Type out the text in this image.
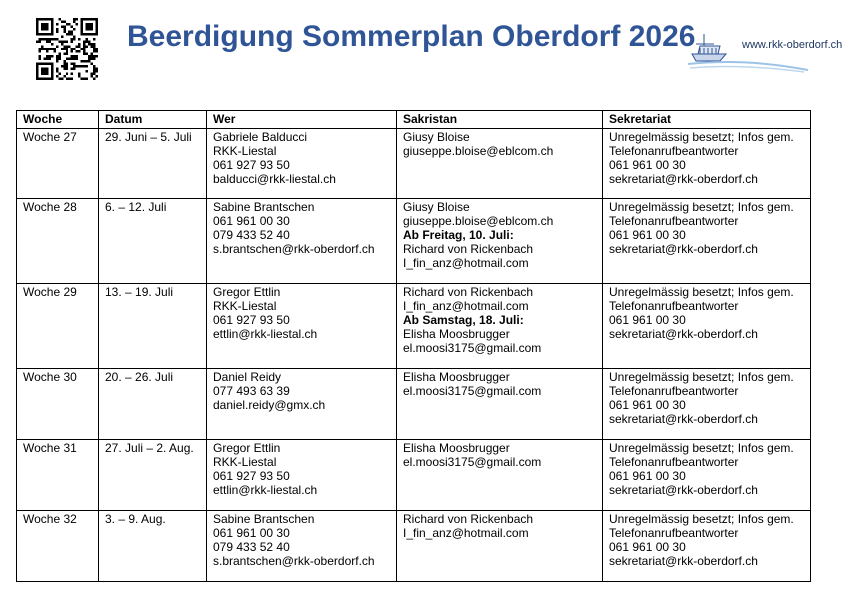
Beerdigung Sommerplan Oberdorf 2026	www.rkk-oberdorf.ch
Woche	Datum	Wer	Sakristan	Sekretariat

Woche 27	29. Juni – 5. Juli	Gabriele Balducci
RKK-Liestal
061 927 93 50
balducci@rkk-liestal.ch	Giusy Bloise
giuseppe.bloise@eblcom.ch	Unregelmässig besetzt; Infos gem.
Telefonanrufbeantworter
061 961 00 30
sekretariat@rkk-oberdorf.ch

Woche 28	6. – 12. Juli	Sabine Brantschen
061 961 00 30
079 433 52 40
s.brantschen@rkk-oberdorf.ch	Giusy Bloise
giuseppe.bloise@eblcom.ch
Ab Freitag, 10. Juli:
Richard von Rickenbach
I_fin_anz@hotmail.com	Unregelmässig besetzt; Infos gem.
Telefonanrufbeantworter
061 961 00 30
sekretariat@rkk-oberdorf.ch

Woche 29	13. – 19. Juli	Gregor Ettlin
RKK-Liestal
061 927 93 50
ettlin@rkk-liestal.ch	Richard von Rickenbach
I_fin_anz@hotmail.com
Ab Samstag, 18. Juli:
Elisha Moosbrugger
el.moosi3175@gmail.com	Unregelmässig besetzt; Infos gem.
Telefonanrufbeantworter
061 961 00 30
sekretariat@rkk-oberdorf.ch

Woche 30	20. – 26. Juli	Daniel Reidy
077 493 63 39
daniel.reidy@gmx.ch	Elisha Moosbrugger
el.moosi3175@gmail.com	Unregelmässig besetzt; Infos gem.
Telefonanrufbeantworter
061 961 00 30
sekretariat@rkk-oberdorf.ch

Woche 31	27. Juli – 2. Aug.	Gregor Ettlin
RKK-Liestal
061 927 93 50
ettlin@rkk-liestal.ch	Elisha Moosbrugger
el.moosi3175@gmail.com	Unregelmässig besetzt; Infos gem.
Telefonanrufbeantworter
061 961 00 30
sekretariat@rkk-oberdorf.ch

Woche 32	3. – 9. Aug.	Sabine Brantschen
061 961 00 30
079 433 52 40
s.brantschen@rkk-oberdorf.ch	Richard von Rickenbach
I_fin_anz@hotmail.com	Unregelmässig besetzt; Infos gem.
Telefonanrufbeantworter
061 961 00 30
sekretariat@rkk-oberdorf.ch
